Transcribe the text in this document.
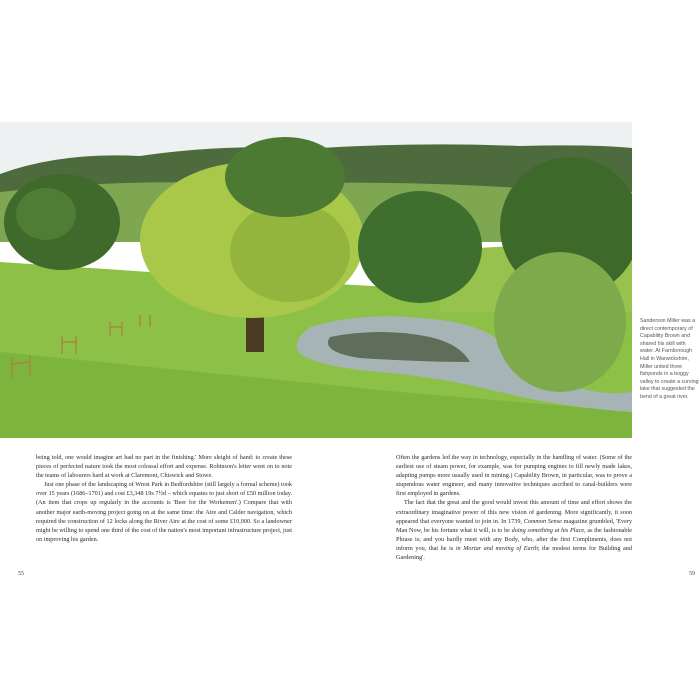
Sanderson Miller was a direct contemporary of Capability Brown and shared his skill with water. At Farnborough Hall in Warwickshire, Miller united three fishponds in a boggy valley to create a curving lake that suggested the bend of a great river.

being told, one would imagine art had no part in the finishing.' More sleight of hand: to create these pieces of perfected nature took the most colossal effort and expense. Robinson's letter went on to note the teams of labourers hard at work at Claremont, Chiswick and Stowe.

Just one phase of the landscaping of Wrest Park in Bedfordshire (still largely a formal scheme) took over 15 years (1686–1701) and cost £3,348 19s 7½d – which equates to just short of £50 million today. (An item that crops up regularly in the accounts is 'Beer for the Workemen'.) Compare that with another major earth-moving project going on at the same time: the Aire and Calder navigation, which required the construction of 12 locks along the River Aire at the cost of some £10,000. So a landowner might be willing to spend one third of the cost of the nation's most important infrastructure project, just on improving his garden.

Often the gardens led the way in technology, especially in the handling of water. (Some of the earliest use of steam power, for example, was for pumping engines to fill newly made lakes, adapting pumps more usually used in mining.) Capability Brown, in particular, was to prove a stupendous water engineer, and many innovative techniques ascribed to canal-builders were first employed in gardens.

The fact that the great and the good would invest this amount of time and effort shows the extraordinary imaginative power of this new vision of gardening. More significantly, it soon appeared that everyone wanted to join in. In 1739, Common Sense magazine grumbled, 'Every Man Now, be his fortune what it will, is to be doing something at his Place, as the fashionable Phrase is; and you hardly meet with any Body, who, after the first Compliments, does not inform you, that he is in Mortar and moving of Earth; the modest terms for Building and Gardening'.

55	59
